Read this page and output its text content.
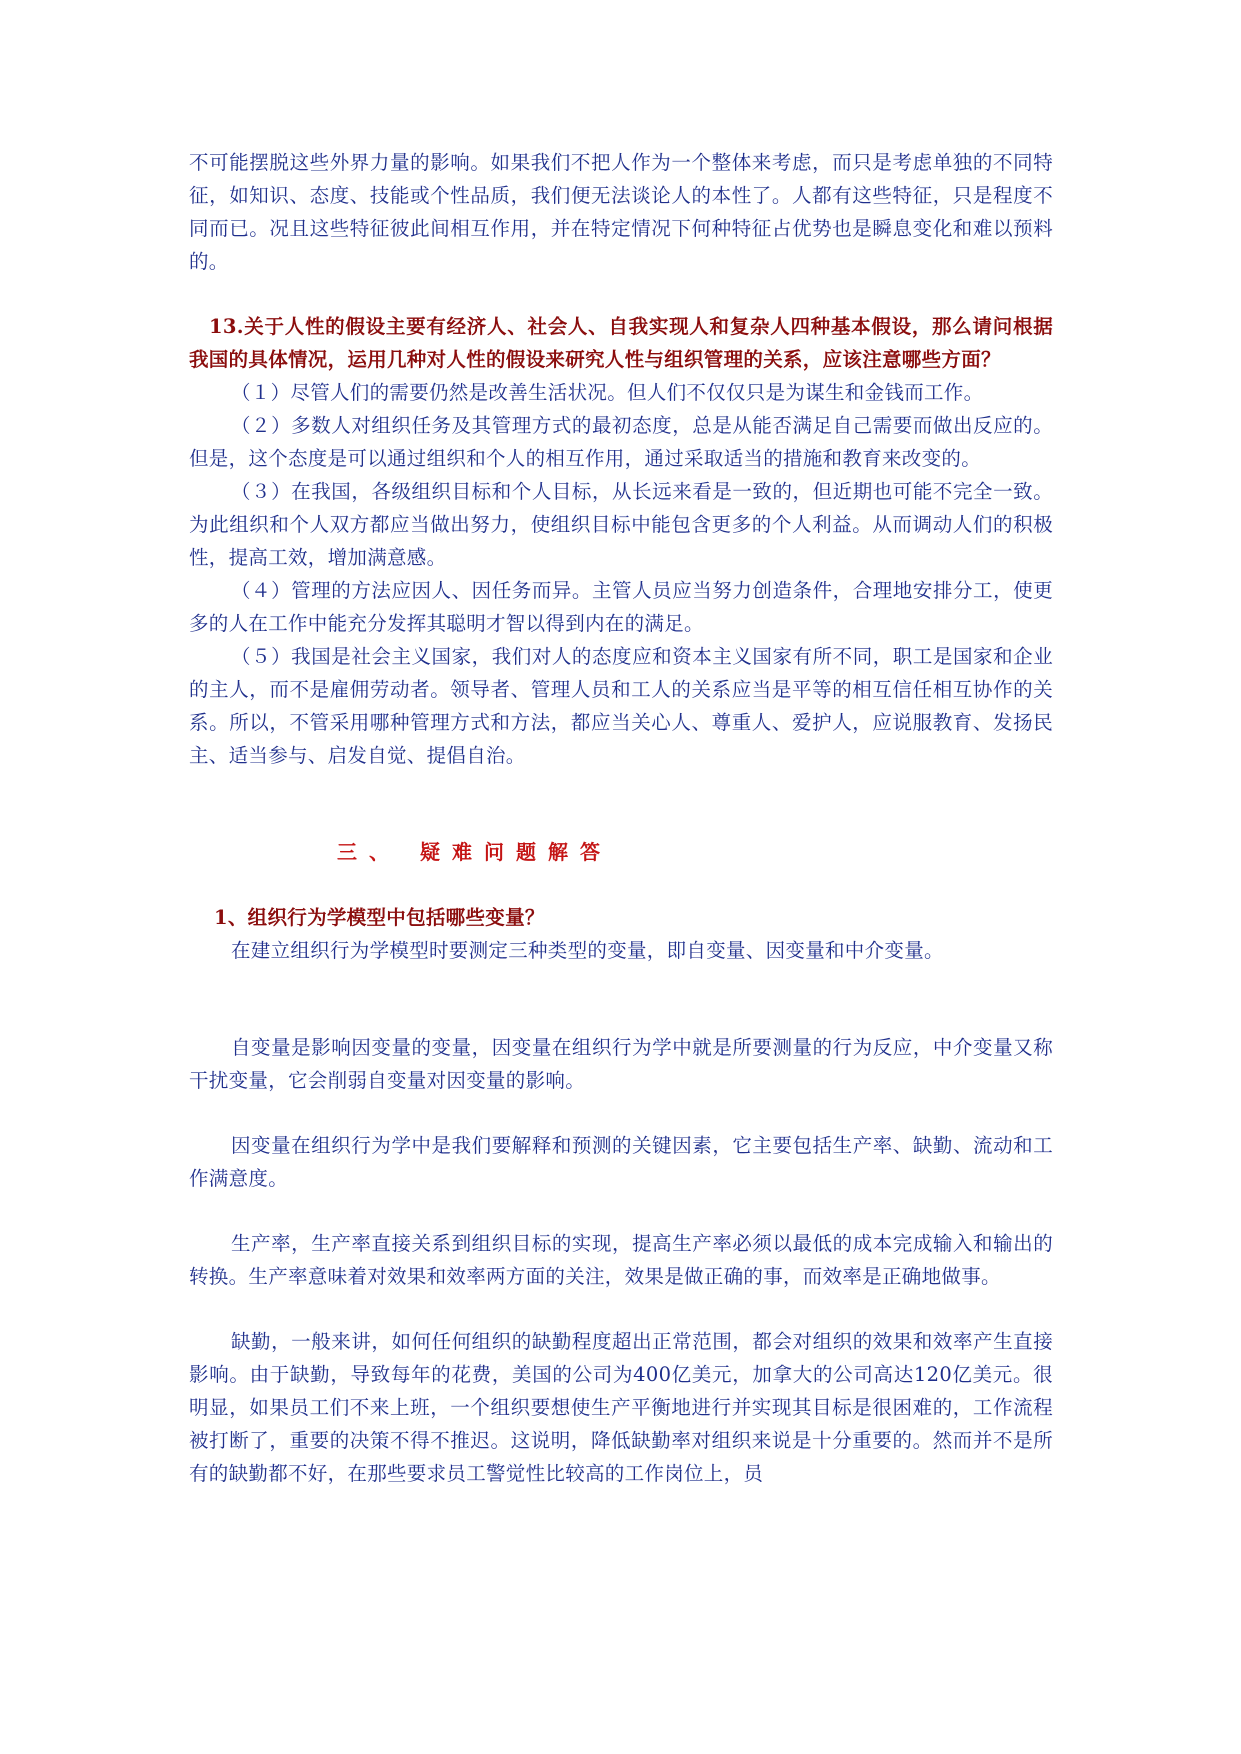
不可能摆脱这些外界力量的影响。如果我们不把人作为一个整体来考虑，而只是考虑单独的不同特征，如知识、态度、技能或个性品质，我们便无法谈论人的本性了。人都有这些特征，只是程度不同而已。况且这些特征彼此间相互作用，并在特定情况下何种特征占优势也是瞬息变化和难以预料的。

13.关于人性的假设主要有经济人、社会人、自我实现人和复杂人四种基本假设，那么请问根据我国的具体情况，运用几种对人性的假设来研究人性与组织管理的关系，应该注意哪些方面？

（１）尽管人们的需要仍然是改善生活状况。但人们不仅仅只是为谋生和金钱而工作。

（２）多数人对组织任务及其管理方式的最初态度，总是从能否满足自己需要而做出反应的。但是，这个态度是可以通过组织和个人的相互作用，通过采取适当的措施和教育来改变的。

（３）在我国，各级组织目标和个人目标，从长远来看是一致的，但近期也可能不完全一致。为此组织和个人双方都应当做出努力，使组织目标中能包含更多的个人利益。从而调动人们的积极性，提高工效，增加满意感。

（４）管理的方法应因人、因任务而异。主管人员应当努力创造条件，合理地安排分工，使更多的人在工作中能充分发挥其聪明才智以得到内在的满足。

（５）我国是社会主义国家，我们对人的态度应和资本主义国家有所不同，职工是国家和企业的主人，而不是雇佣劳动者。领导者、管理人员和工人的关系应当是平等的相互信任相互协作的关系。所以，不管采用哪种管理方式和方法，都应当关心人、尊重人、爱护人，应说服教育、发扬民主、适当参与、启发自觉、提倡自治。

三、 疑难问题解答

1、组织行为学模型中包括哪些变量？

在建立组织行为学模型时要测定三种类型的变量，即自变量、因变量和中介变量。

自变量是影响因变量的变量，因变量在组织行为学中就是所要测量的行为反应，中介变量又称干扰变量，它会削弱自变量对因变量的影响。

因变量在组织行为学中是我们要解释和预测的关键因素，它主要包括生产率、缺勤、流动和工作满意度。

生产率，生产率直接关系到组织目标的实现，提高生产率必须以最低的成本完成输入和输出的转换。生产率意味着对效果和效率两方面的关注，效果是做正确的事，而效率是正确地做事。

缺勤，一般来讲，如何任何组织的缺勤程度超出正常范围，都会对组织的效果和效率产生直接影响。由于缺勤，导致每年的花费，美国的公司为400亿美元，加拿大的公司高达120亿美元。很明显，如果员工们不来上班，一个组织要想使生产平衡地进行并实现其目标是很困难的，工作流程被打断了，重要的决策不得不推迟。这说明，降低缺勤率对组织来说是十分重要的。然而并不是所有的缺勤都不好，在那些要求员工警觉性比较高的工作岗位上，员
